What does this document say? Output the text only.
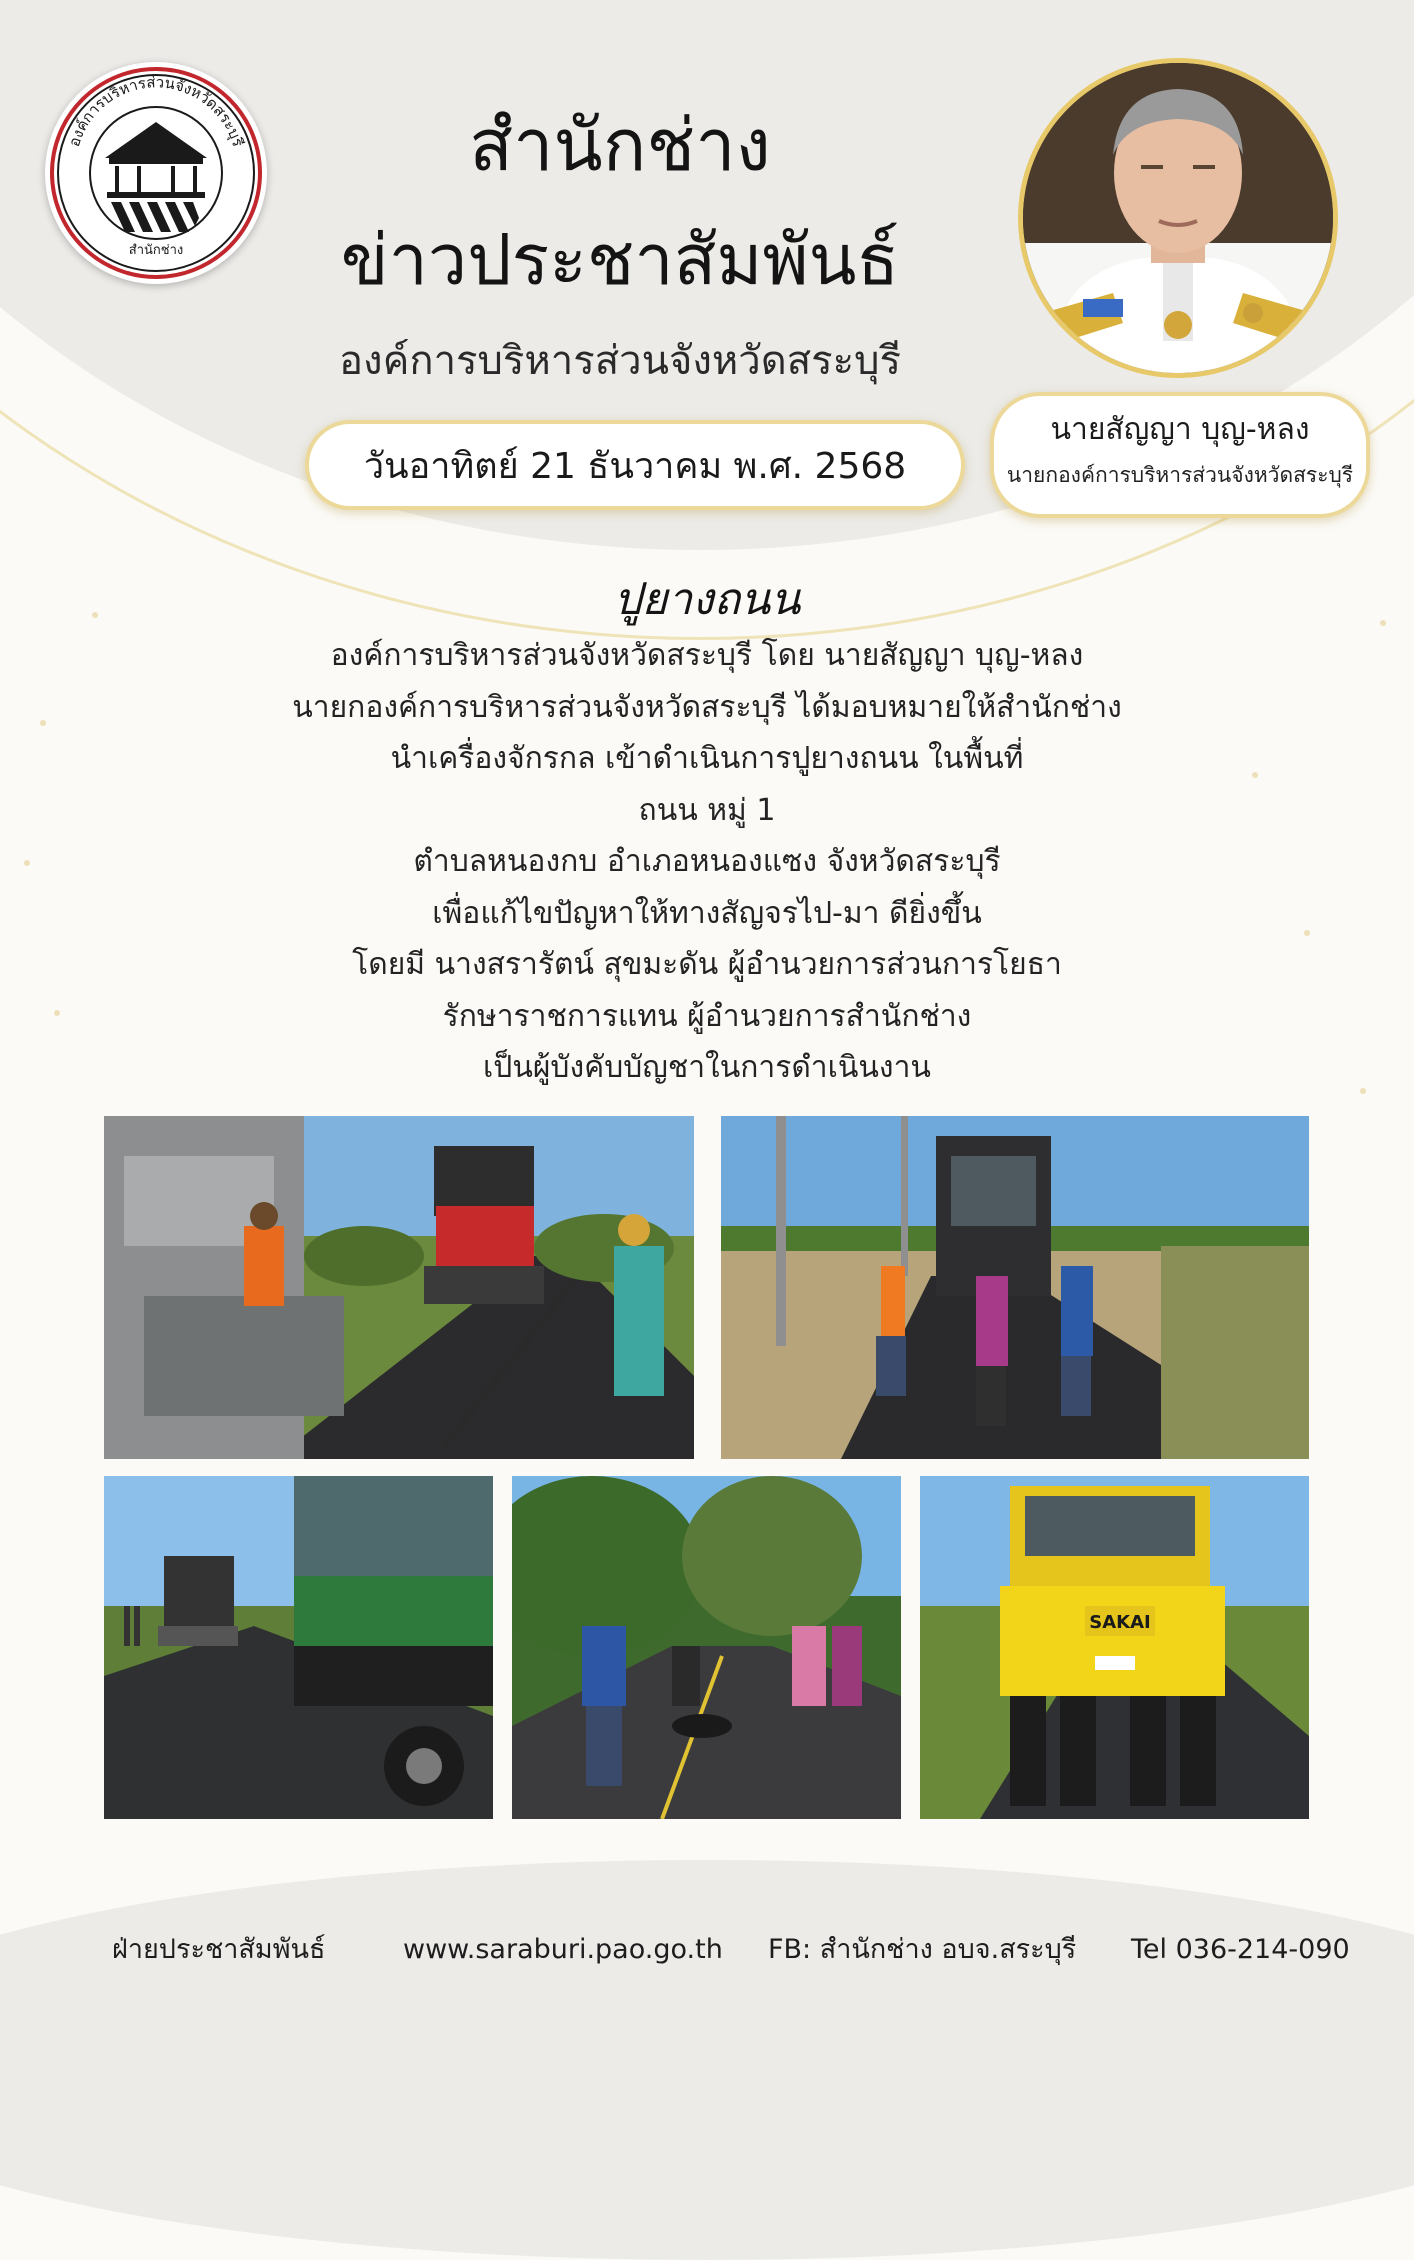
องค์การบริหารส่วนจังหวัดสระบุรี
สำนักช่าง
สำนักช่าง
ข่าวประชาสัมพันธ์
องค์การบริหารส่วนจังหวัดสระบุรี
วันอาทิตย์ 21 ธันวาคม พ.ศ. 2568
นายสัญญา บุญ-หลง
นายกองค์การบริหารส่วนจังหวัดสระบุรี
ปูยางถนน
องค์การบริหารส่วนจังหวัดสระบุรี โดย นายสัญญา บุญ-หลง
นายกองค์การบริหารส่วนจังหวัดสระบุรี ได้มอบหมายให้สำนักช่าง
นำเครื่องจักรกล เข้าดำเนินการปูยางถนน ในพื้นที่
ถนน หมู่ 1
ตำบลหนองกบ อำเภอหนองแซง จังหวัดสระบุรี
เพื่อแก้ไขปัญหาให้ทางสัญจรไป-มา ดียิ่งขึ้น
โดยมี นางสรารัตน์ สุขมะดัน ผู้อำนวยการส่วนการโยธา
รักษาราชการแทน ผู้อำนวยการสำนักช่าง
เป็นผู้บังคับบัญชาในการดำเนินงาน
SAKAI
ฝ่ายประชาสัมพันธ์	www.saraburi.pao.go.th FB: สำนักช่าง อบจ.สระบุรี Tel 036-214-090
